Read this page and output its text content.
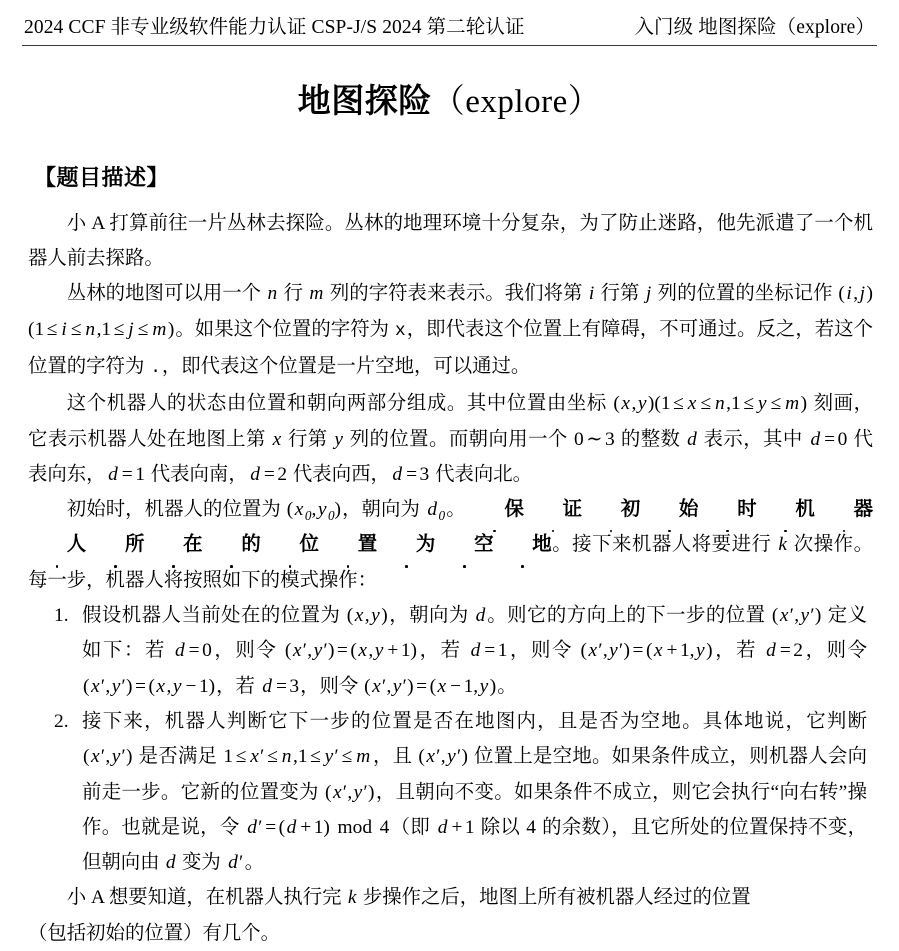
2024 CCF 非专业级软件能力认证 CSP-J/S 2024 第二轮认证	入门级 地图探险（explore）
地图探险（explore）
【题目描述】

小 A 打算前往一片丛林去探险。丛林的地理环境十分复杂，为了防止迷路，他先派遣了一个机器人前去探路。

丛林的地图可以用一个 n 行 m 列的字符表来表示。我们将第 i 行第 j 列的位置的坐标记作 (i,j)(1 ≤ i ≤ n,1 ≤ j ≤ m)。如果这个位置的字符为 x，即代表这个位置上有障碍，不可通过。反之，若这个位置的字符为 .，即代表这个位置是一片空地，可以通过。

这个机器人的状态由位置和朝向两部分组成。其中位置由坐标 (x,y)(1 ≤ x ≤ n,1 ≤ y ≤ m) 刻画，它表示机器人处在地图上第 x 行第 y 列的位置。而朝向用一个 0 ∼ 3 的整数 d 表示，其中 d = 0 代表向东， d = 1 代表向南， d = 2 代表向西， d = 3 代表向北。

初始时，机器人的位置为 (x $_0$,y $_0$)，朝向为 d $_0$。 保 证 初 始 时 机 器人 所 在 的 位 置 为 空 地。接下来机器人将要进行 k 次操作。每一步，机器人将按照如下的模式操作：

假设机器人当前处在的位置为 (x,y)，朝向为 d。则它的方向上的下一步的位置 (x′,y′) 定义如下：若 d = 0，则令 (x′,y′) = (x,y + 1)，若 d = 1，则令 (x′,y′) = (x + 1,y)，若 d = 2，则令 (x′,y′) = (x,y − 1)，若 d = 3，则令 (x′,y′) = (x − 1,y)。
接下来，机器人判断它下一步的位置是否在地图内，且是否为空地。具体地说，它判断 (x′,y′) 是否满足 1 ≤ x′ ≤ n,1 ≤ y′ ≤ m ，且 (x′,y′) 位置上是空地。如果条件成立，则机器人会向前走一步。它新的位置变为 (x′,y′)，且朝向不变。如果条件不成立，则它会执行“向右转”操作。也就是说，令 d′ = (d + 1) mod 4（即 d + 1 除以 4 的余数），且它所处的位置保持不变，但朝向由 d 变为 d′ 。

小 A 想要知道，在机器人执行完 k 步操作之后，地图上所有被机器人经过的位置

（包括初始的位置）有几个。
